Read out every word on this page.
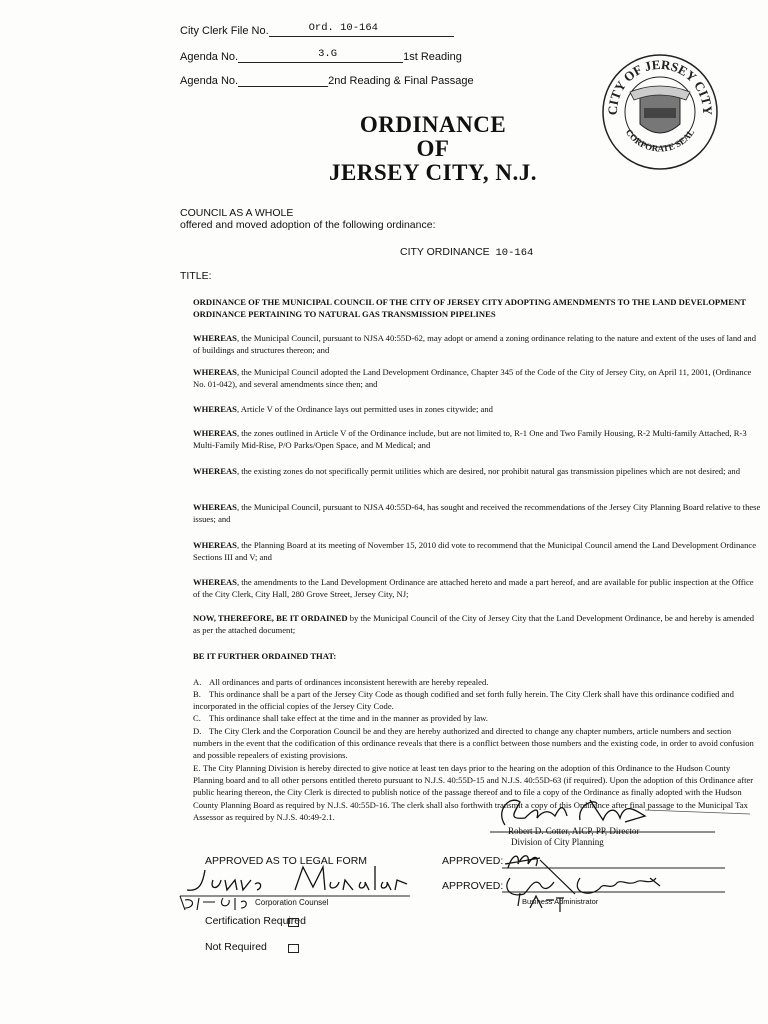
City Clerk File No.	Ord. 10-164
Agenda No.	3.G	1st Reading
Agenda No.	2nd Reading & Final Passage
ORDINANCE
OF
JERSEY CITY, N.J.
CITY OF JERSEY CITY
CORPORATE SEAL
COUNCIL AS A WHOLE
offered and moved adoption of the following ordinance:
CITY ORDINANCE 10-164
TITLE:
ORDINANCE OF THE MUNICIPAL COUNCIL OF THE CITY OF JERSEY CITY ADOPTING AMENDMENTS TO THE LAND DEVELOPMENT ORDINANCE PERTAINING TO NATURAL GAS TRANSMISSION PIPELINES
WHEREAS, the Municipal Council, pursuant to NJSA 40:55D-62, may adopt or amend a zoning ordinance relating to the nature and extent of the uses of land and of buildings and structures thereon; and
WHEREAS, the Municipal Council adopted the Land Development Ordinance, Chapter 345 of the Code of the City of Jersey City, on April 11, 2001, (Ordinance No. 01-042), and several amendments since then; and
WHEREAS, Article V of the Ordinance lays out permitted uses in zones citywide; and
WHEREAS, the zones outlined in Article V of the Ordinance include, but are not limited to, R-1 One and Two Family Housing, R-2 Multi-family Attached, R-3 Multi-Family Mid-Rise, P/O Parks/Open Space, and M Medical; and
WHEREAS, the existing zones do not specifically permit utilities which are desired, nor prohibit natural gas transmission pipelines which are not desired; and
WHEREAS, the Municipal Council, pursuant to NJSA 40:55D-64, has sought and received the recommendations of the Jersey City Planning Board relative to these issues; and
WHEREAS, the Planning Board at its meeting of November 15, 2010 did vote to recommend that the Municipal Council amend the Land Development Ordinance Sections III and V; and
WHEREAS, the amendments to the Land Development Ordinance are attached hereto and made a part hereof, and are available for public inspection at the Office of the City Clerk, City Hall, 280 Grove Street, Jersey City, NJ;
NOW, THEREFORE, BE IT ORDAINED by the Municipal Council of the City of Jersey City that the Land Development Ordinance, be and hereby is amended as per the attached document;
BE IT FURTHER ORDAINED THAT:
A. All ordinances and parts of ordinances inconsistent herewith are hereby repealed.
B. This ordinance shall be a part of the Jersey City Code as though codified and set forth fully herein. The City Clerk shall have this ordinance codified and incorporated in the official copies of the Jersey City Code.
C. This ordinance shall take effect at the time and in the manner as provided by law.
D. The City Clerk and the Corporation Council be and they are hereby authorized and directed to change any chapter numbers, article numbers and section numbers in the event that the codification of this ordinance reveals that there is a conflict between those numbers and the existing code, in order to avoid confusion and possible repealers of existing provisions.
E. The City Planning Division is hereby directed to give notice at least ten days prior to the hearing on the adoption of this Ordinance to the Hudson County Planning board and to all other persons entitled thereto pursuant to N.J.S. 40:55D-15 and N.J.S. 40:55D-63 (if required). Upon the adoption of this Ordinance after public hearing thereon, the City Clerk is directed to publish notice of the passage thereof and to file a copy of the Ordinance as finally adopted with the Hudson County Planning Board as required by N.J.S. 40:55D-16. The clerk shall also forthwith transmit a copy of this Ordinance after final passage to the Municipal Tax Assessor as required by N.J.S. 40:49-2.1.
Robert D. Cotter, AICP, PP, Director
Division of City Planning
APPROVED AS TO LEGAL FORM
Corporation Counsel
Certification Required
Not Required
APPROVED:
APPROVED:
Business Administrator
